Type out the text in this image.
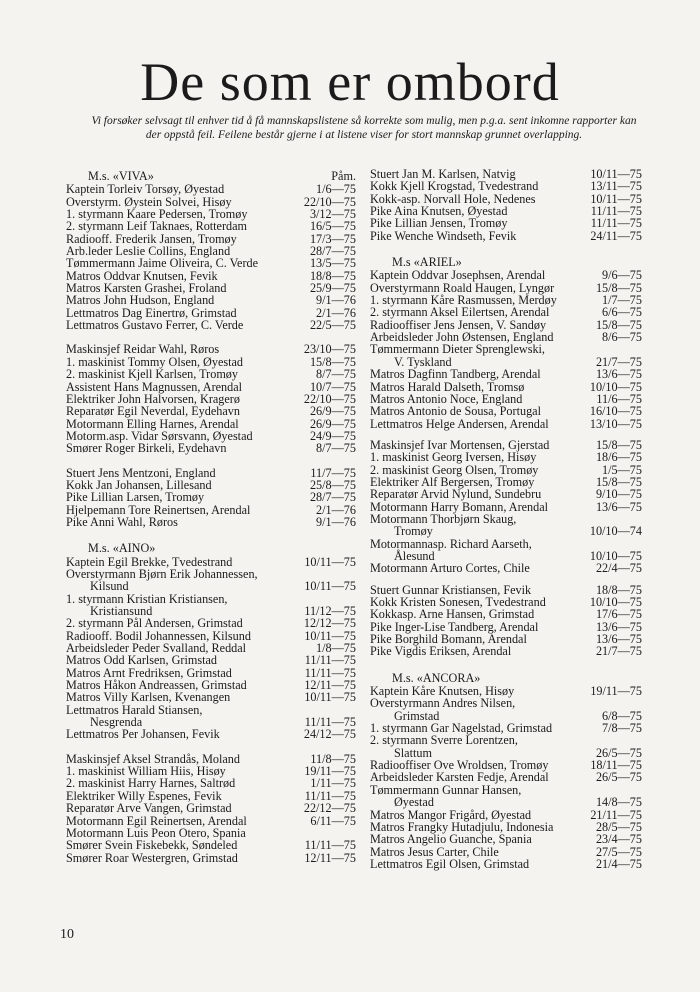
De som er ombord
Vi forsøker selvsagt til enhver tid å få mannskapslistene så korrekte som mulig, men p.g.a. sent inkomne rapporter kan der oppstå feil. Feilene består gjerne i at listene viser for stort mannskap grunnet overlapping.
M.s. «VIVA»	Påm.
Kaptein Torleiv Torsøy, Øyestad	1/6—75
Overstyrm. Øystein Solvei, Hisøy	22/10—75
1. styrmann Kaare Pedersen, Tromøy	3/12—75
2. styrmann Leif Taknaes, Rotterdam	16/5—75
Radiooff. Frederik Jansen, Tromøy	17/3—75
Arb.leder Leslie Collins, England	28/7—75
Tømmermann Jaime Oliveira, C. Verde	13/5—75
Matros Oddvar Knutsen, Fevik	18/8—75
Matros Karsten Grashei, Froland	25/9—75
Matros John Hudson, England	9/1—76
Lettmatros Dag Einertrø, Grimstad	2/1—76
Lettmatros Gustavo Ferrer, C. Verde	22/5—75
Maskinsjef Reidar Wahl, Røros	23/10—75
1. maskinist Tommy Olsen, Øyestad	15/8—75
2. maskinist Kjell Karlsen, Tromøy	8/7—75
Assistent Hans Magnussen, Arendal	10/7—75
Elektriker John Halvorsen, Kragerø	22/10—75
Reparatør Egil Neverdal, Eydehavn	26/9—75
Motormann Elling Harnes, Arendal	26/9—75
Motorm.asp. Vidar Sørsvann, Øyestad	24/9—75
Smører Roger Birkeli, Eydehavn	8/7—75
Stuert Jens Mentzoni, England	11/7—75
Kokk Jan Johansen, Lillesand	25/8—75
Pike Lillian Larsen, Tromøy	28/7—75
Hjelpemann Tore Reinertsen, Arendal	2/1—76
Pike Anni Wahl, Røros	9/1—76
M.s. «AINO»
Kaptein Egil Brekke, Tvedestrand	10/11—75
Overstyrmann Bjørn Erik Johannessen,
Kilsund	10/11—75
1. styrmann Kristian Kristiansen,
Kristiansund	11/12—75
2. styrmann Pål Andersen, Grimstad	12/12—75
Radiooff. Bodil Johannessen, Kilsund	10/11—75
Arbeidsleder Peder Svalland, Reddal	1/8—75
Matros Odd Karlsen, Grimstad	11/11—75
Matros Arnt Fredriksen, Grimstad	11/11—75
Matros Håkon Andreassen, Grimstad	12/11—75
Matros Villy Karlsen, Kvenangen	10/11—75
Lettmatros Harald Stiansen,
Nesgrenda	11/11—75
Lettmatros Per Johansen, Fevik	24/12—75
Maskinsjef Aksel Strandås, Moland	11/8—75
1. maskinist William Hiis, Hisøy	19/11—75
2. maskinist Harry Harnes, Saltrød	1/11—75
Elektriker Willy Espenes, Fevik	11/11—75
Reparatør Arve Vangen, Grimstad	22/12—75
Motormann Egil Reinertsen, Arendal	6/11—75
Motormann Luis Peon Otero, Spania
Smører Svein Fiskebekk, Søndeled	11/11—75
Smører Roar Westergren, Grimstad	12/11—75
Stuert Jan M. Karlsen, Natvig	10/11—75
Kokk Kjell Krogstad, Tvedestrand	13/11—75
Kokk-asp. Norvall Hole, Nedenes	10/11—75
Pike Aina Knutsen, Øyestad	11/11—75
Pike Lillian Jensen, Tromøy	11/11—75
Pike Wenche Windseth, Fevik	24/11—75
M.s «ARIEL»
Kaptein Oddvar Josephsen, Arendal	9/6—75
Overstyrmann Roald Haugen, Lyngør	15/8—75
1. styrmann Kåre Rasmussen, Merdøy	1/7—75
2. styrmann Aksel Eilertsen, Arendal	6/6—75
Radiooffiser Jens Jensen, V. Sandøy	15/8—75
Arbeidsleder John Østensen, England	8/6—75
Tømmermann Dieter Sprenglewski,
V. Tyskland	21/7—75
Matros Dagfinn Tandberg, Arendal	13/6—75
Matros Harald Dalseth, Tromsø	10/10—75
Matros Antonio Noce, England	11/6—75
Matros Antonio de Sousa, Portugal	16/10—75
Lettmatros Helge Andersen, Arendal	13/10—75
Maskinsjef Ivar Mortensen, Gjerstad	15/8—75
1. maskinist Georg Iversen, Hisøy	18/6—75
2. maskinist Georg Olsen, Tromøy	1/5—75
Elektriker Alf Bergersen, Tromøy	15/8—75
Reparatør Arvid Nylund, Sundebru	9/10—75
Motormann Harry Bomann, Arendal	13/6—75
Motormann Thorbjørn Skaug,
Tromøy	10/10—74
Motormannasp. Richard Aarseth,
Ålesund	10/10—75
Motormann Arturo Cortes, Chile	22/4—75
Stuert Gunnar Kristiansen, Fevik	18/8—75
Kokk Kristen Sonesen, Tvedestrand	10/10—75
Kokkasp. Arne Hansen, Grimstad	17/6—75
Pike Inger-Lise Tandberg, Arendal	13/6—75
Pike Borghild Bomann, Arendal	13/6—75
Pike Vigdis Eriksen, Arendal	21/7—75
M.s. «ANCORA»
Kaptein Kåre Knutsen, Hisøy	19/11—75
Overstyrmann Andres Nilsen,
Grimstad	6/8—75
1. styrmann Gar Nagelstad, Grimstad	7/8—75
2. styrmann Sverre Lorentzen,
Slattum	26/5—75
Radiooffiser Ove Wroldsen, Tromøy	18/11—75
Arbeidsleder Karsten Fedje, Arendal	26/5—75
Tømmermann Gunnar Hansen,
Øyestad	14/8—75
Matros Mangor Frigård, Øyestad	21/11—75
Matros Frangky Hutadjulu, Indonesia	28/5—75
Matros Angelio Guanche, Spania	23/4—75
Matros Jesus Carter, Chile	27/5—75
Lettmatros Egil Olsen, Grimstad	21/4—75
10
